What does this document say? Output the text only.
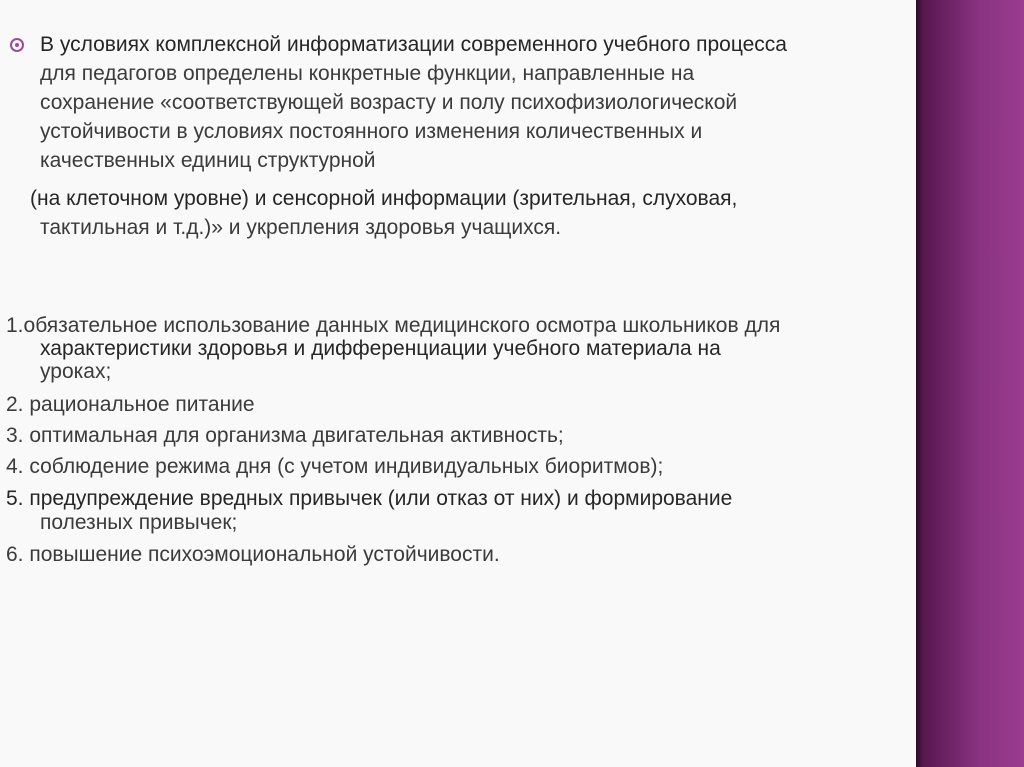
В условиях комплексной информатизации современного учебного процесса

для педагогов определены конкретные функции, направленные на

сохранение «соответствующей возрасту и полу психофизиологической

устойчивости в условиях постоянного изменения количественных и

качественных единиц структурной

(на клеточном уровне) и сенсорной информации (зрительная, слуховая,

тактильная и т.д.)» и укрепления здоровья учащихся.

1.обязательное использование данных медицинского осмотра школьников для

характеристики здоровья и дифференциации учебного материала на

уроках;

2. рациональное питание

3. оптимальная для организма двигательная активность;

4. соблюдение режима дня (с учетом индивидуальных биоритмов);

5. предупреждение вредных привычек (или отказ от них) и формирование

полезных привычек;

6. повышение психоэмоциональной устойчивости.
